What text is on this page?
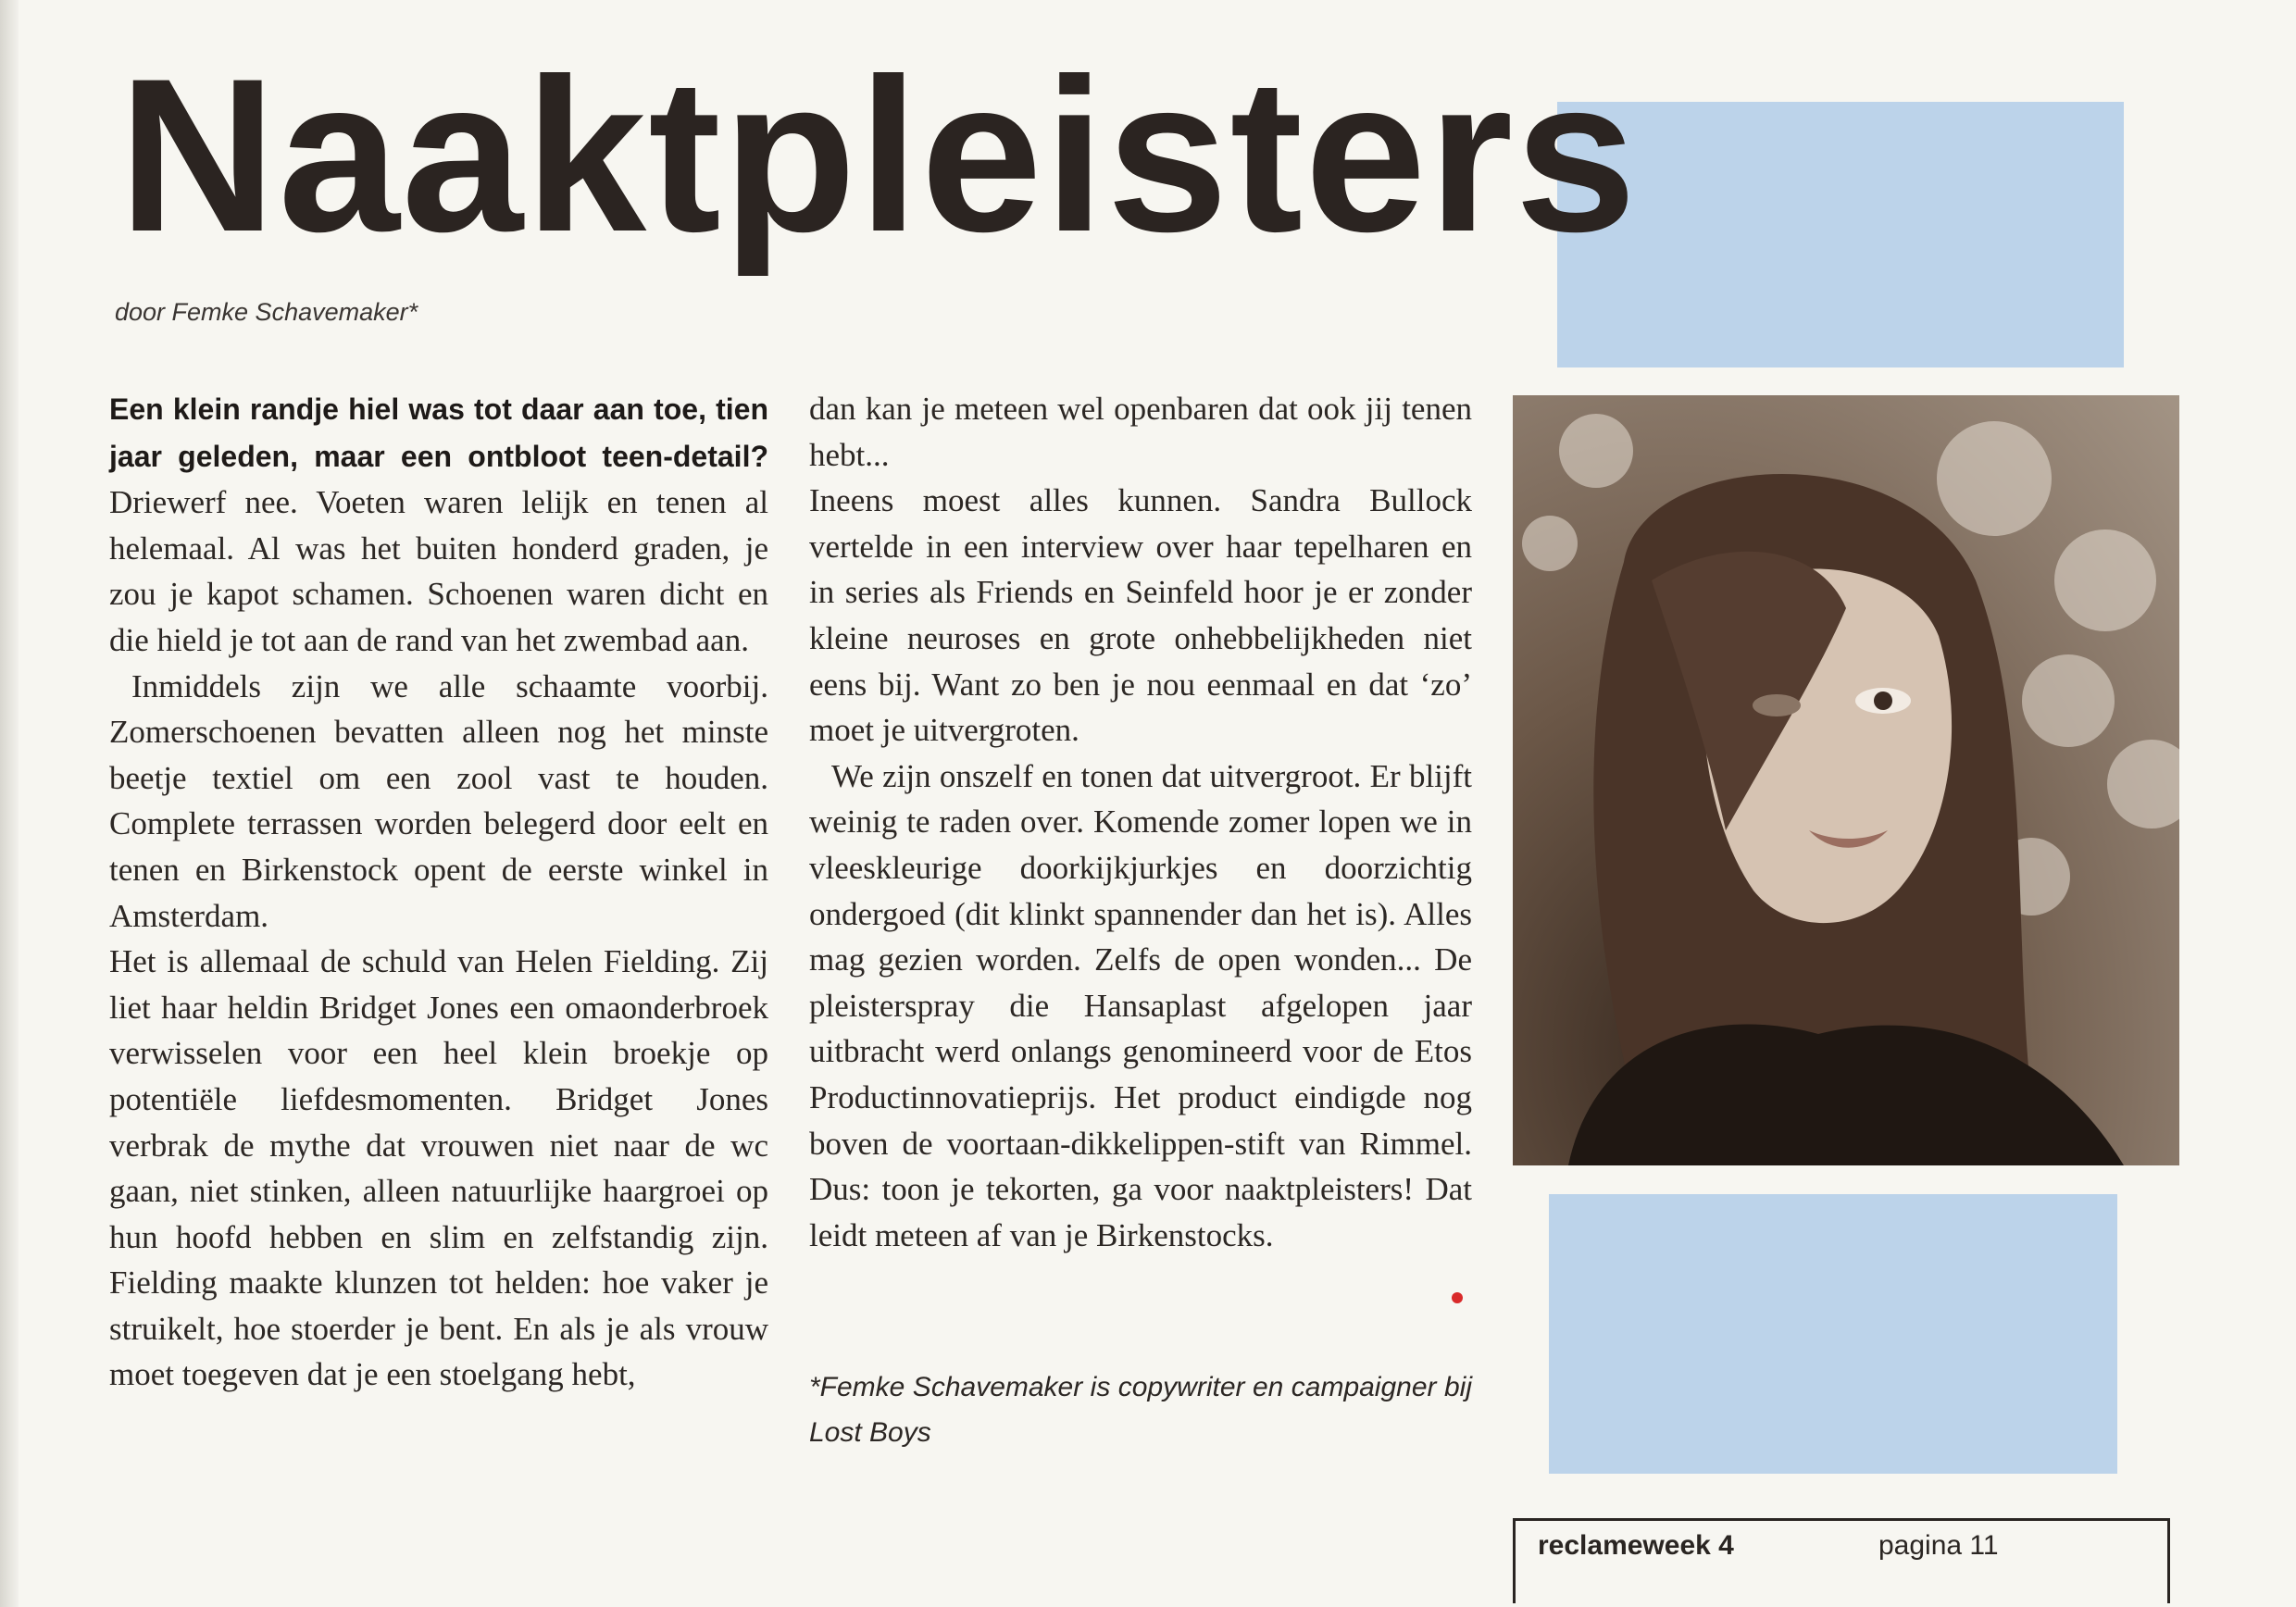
Naaktpleisters
door Femke Schavemaker*

Een klein randje hiel was tot daar aan toe, tien jaar geleden, maar een ontbloot teen-detail? Driewerf nee. Voeten waren lelijk en tenen al helemaal. Al was het buiten honderd graden, je zou je kapot schamen. Schoenen waren dicht en die hield je tot aan de rand van het zwembad aan.

Inmiddels zijn we alle schaamte voorbij. Zomerschoenen bevatten alleen nog het minste beetje textiel om een zool vast te houden. Complete terrassen worden belegerd door eelt en tenen en Birkenstock opent de eerste winkel in Amsterdam.

Het is allemaal de schuld van Helen Fielding. Zij liet haar heldin Bridget Jones een omaonderbroek verwisselen voor een heel klein broekje op potentiële liefdesmomenten. Bridget Jones verbrak de mythe dat vrouwen niet naar de wc gaan, niet stinken, alleen natuurlijke haargroei op hun hoofd hebben en slim en zelfstandig zijn. Fielding maakte klunzen tot helden: hoe vaker je struikelt, hoe stoerder je bent. En als je als vrouw moet toegeven dat je een stoelgang hebt,

dan kan je meteen wel openbaren dat ook jij tenen hebt...

Ineens moest alles kunnen. Sandra Bullock vertelde in een interview over haar tepelharen en in series als Friends en Seinfeld hoor je er zonder kleine neuroses en grote onhebbelijkheden niet eens bij. Want zo ben je nou eenmaal en dat ‘zo’ moet je uitvergroten.

We zijn onszelf en tonen dat uitvergroot. Er blijft weinig te raden over. Komende zomer lopen we in vleeskleurige doorkijkjurkjes en doorzichtig ondergoed (dit klinkt spannender dan het is). Alles mag gezien worden. Zelfs de open wonden... De pleisterspray die Hansaplast afgelopen jaar uitbracht werd onlangs genomineerd voor de Etos Productinnovatieprijs. Het product eindigde nog boven de voortaan-dikkelippen-stift van Rimmel. Dus: toon je tekorten, ga voor naaktpleisters! Dat leidt meteen af van je Birkenstocks.

*Femke Schavemaker is copywriter en campaigner bij Lost Boys
reclameweek 4	pagina 11
